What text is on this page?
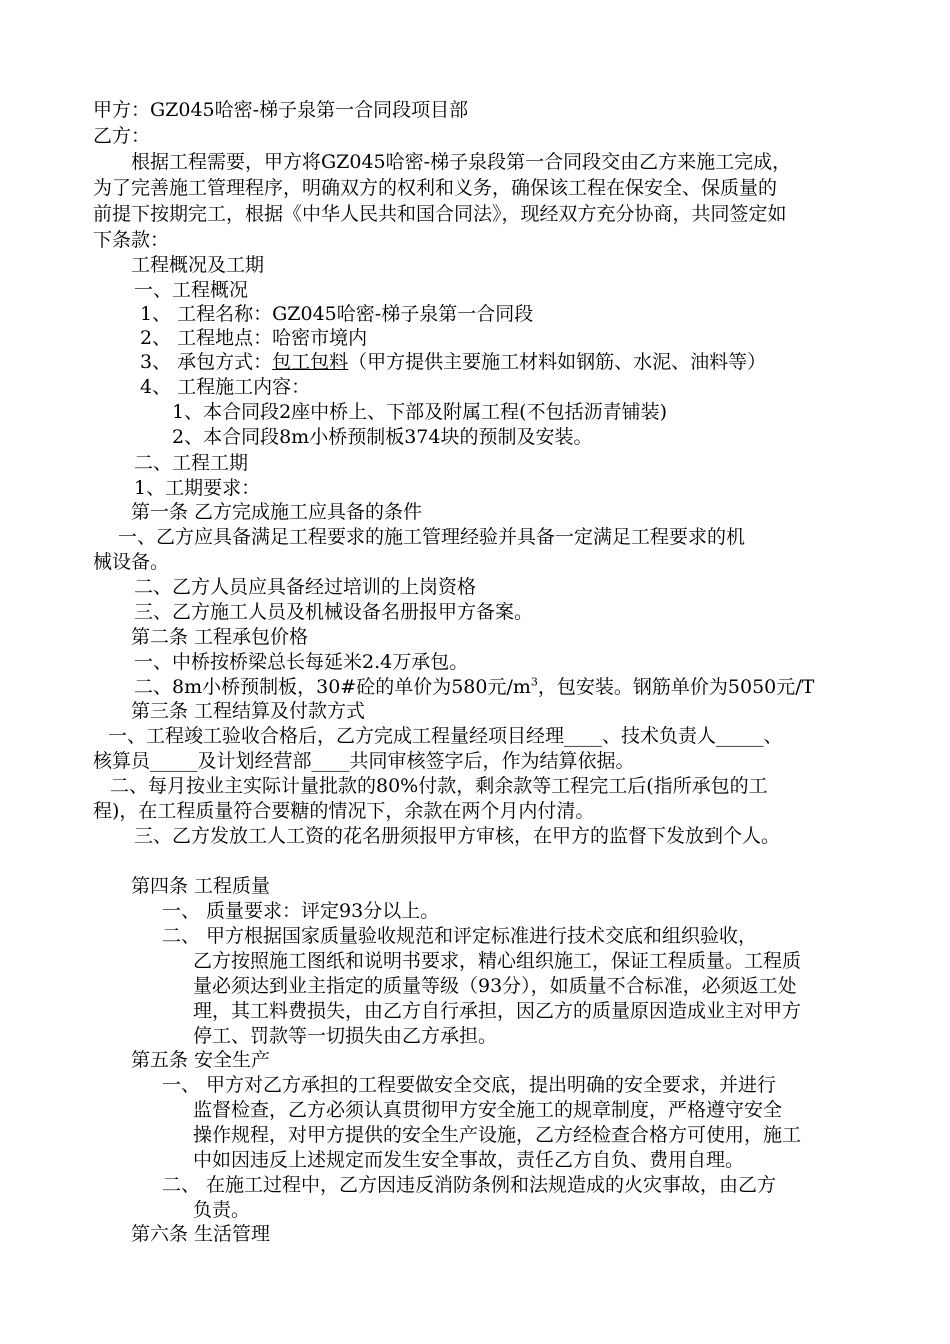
甲方：GZ045哈密-梯子泉第一合同段项目部
乙方：
根据工程需要，甲方将GZ045哈密-梯子泉段第一合同段交由乙方来施工完成，
为了完善施工管理程序，明确双方的权利和义务，确保该工程在保安全、保质量的
前提下按期完工，根据《中华人民共和国合同法》，现经双方充分协商，共同签定如
下条款：
工程概况及工期
一、工程概况
1、 工程名称：GZ045哈密-梯子泉第一合同段
2、 工程地点：哈密市境内
3、 承包方式：包工包料（甲方提供主要施工材料如钢筋、水泥、油料等）
4、 工程施工内容：
1、本合同段2座中桥上、下部及附属工程(不包括沥青铺装)
2、本合同段8m小桥预制板374块的预制及安装。
二、工程工期
1、工期要求：
第一条 乙方完成施工应具备的条件
一、乙方应具备满足工程要求的施工管理经验并具备一定满足工程要求的机
械设备。
二、乙方人员应具备经过培训的上岗资格
三、乙方施工人员及机械设备名册报甲方备案。
第二条 工程承包价格
一、中桥按桥梁总长每延米2.4万承包。
二、8m小桥预制板，30#砼的单价为580元$/m^3$，包安装。钢筋单价为5050元/T
第三条 工程结算及付款方式
一、工程竣工验收合格后，乙方完成工程量经项目经理____、技术负责人_____、
核算员_____及计划经营部____共同审核签字后，作为结算依据。
二、每月按业主实际计量批款的80%付款，剩余款等工程完工后(指所承包的工
程)，在工程质量符合要糖的情况下，余款在两个月内付清。
三、乙方发放工人工资的花名册须报甲方审核，在甲方的监督下发放到个人。
第四条 工程质量
一、 质量要求：评定93分以上。
二、 甲方根据国家质量验收规范和评定标准进行技术交底和组织验收，
乙方按照施工图纸和说明书要求，精心组织施工，保证工程质量。工程质
量必须达到业主指定的质量等级（93分），如质量不合标准，必须返工处
理，其工料费损失，由乙方自行承担，因乙方的质量原因造成业主对甲方
停工、罚款等一切损失由乙方承担。
第五条 安全生产
一、 甲方对乙方承担的工程要做安全交底，提出明确的安全要求，并进行
监督检查，乙方必须认真贯彻甲方安全施工的规章制度，严格遵守安全
操作规程，对甲方提供的安全生产设施，乙方经检查合格方可使用，施工
中如因违反上述规定而发生安全事故，责任乙方自负、费用自理。
二、 在施工过程中，乙方因违反消防条例和法规造成的火灾事故，由乙方
负责。
第六条 生活管理
